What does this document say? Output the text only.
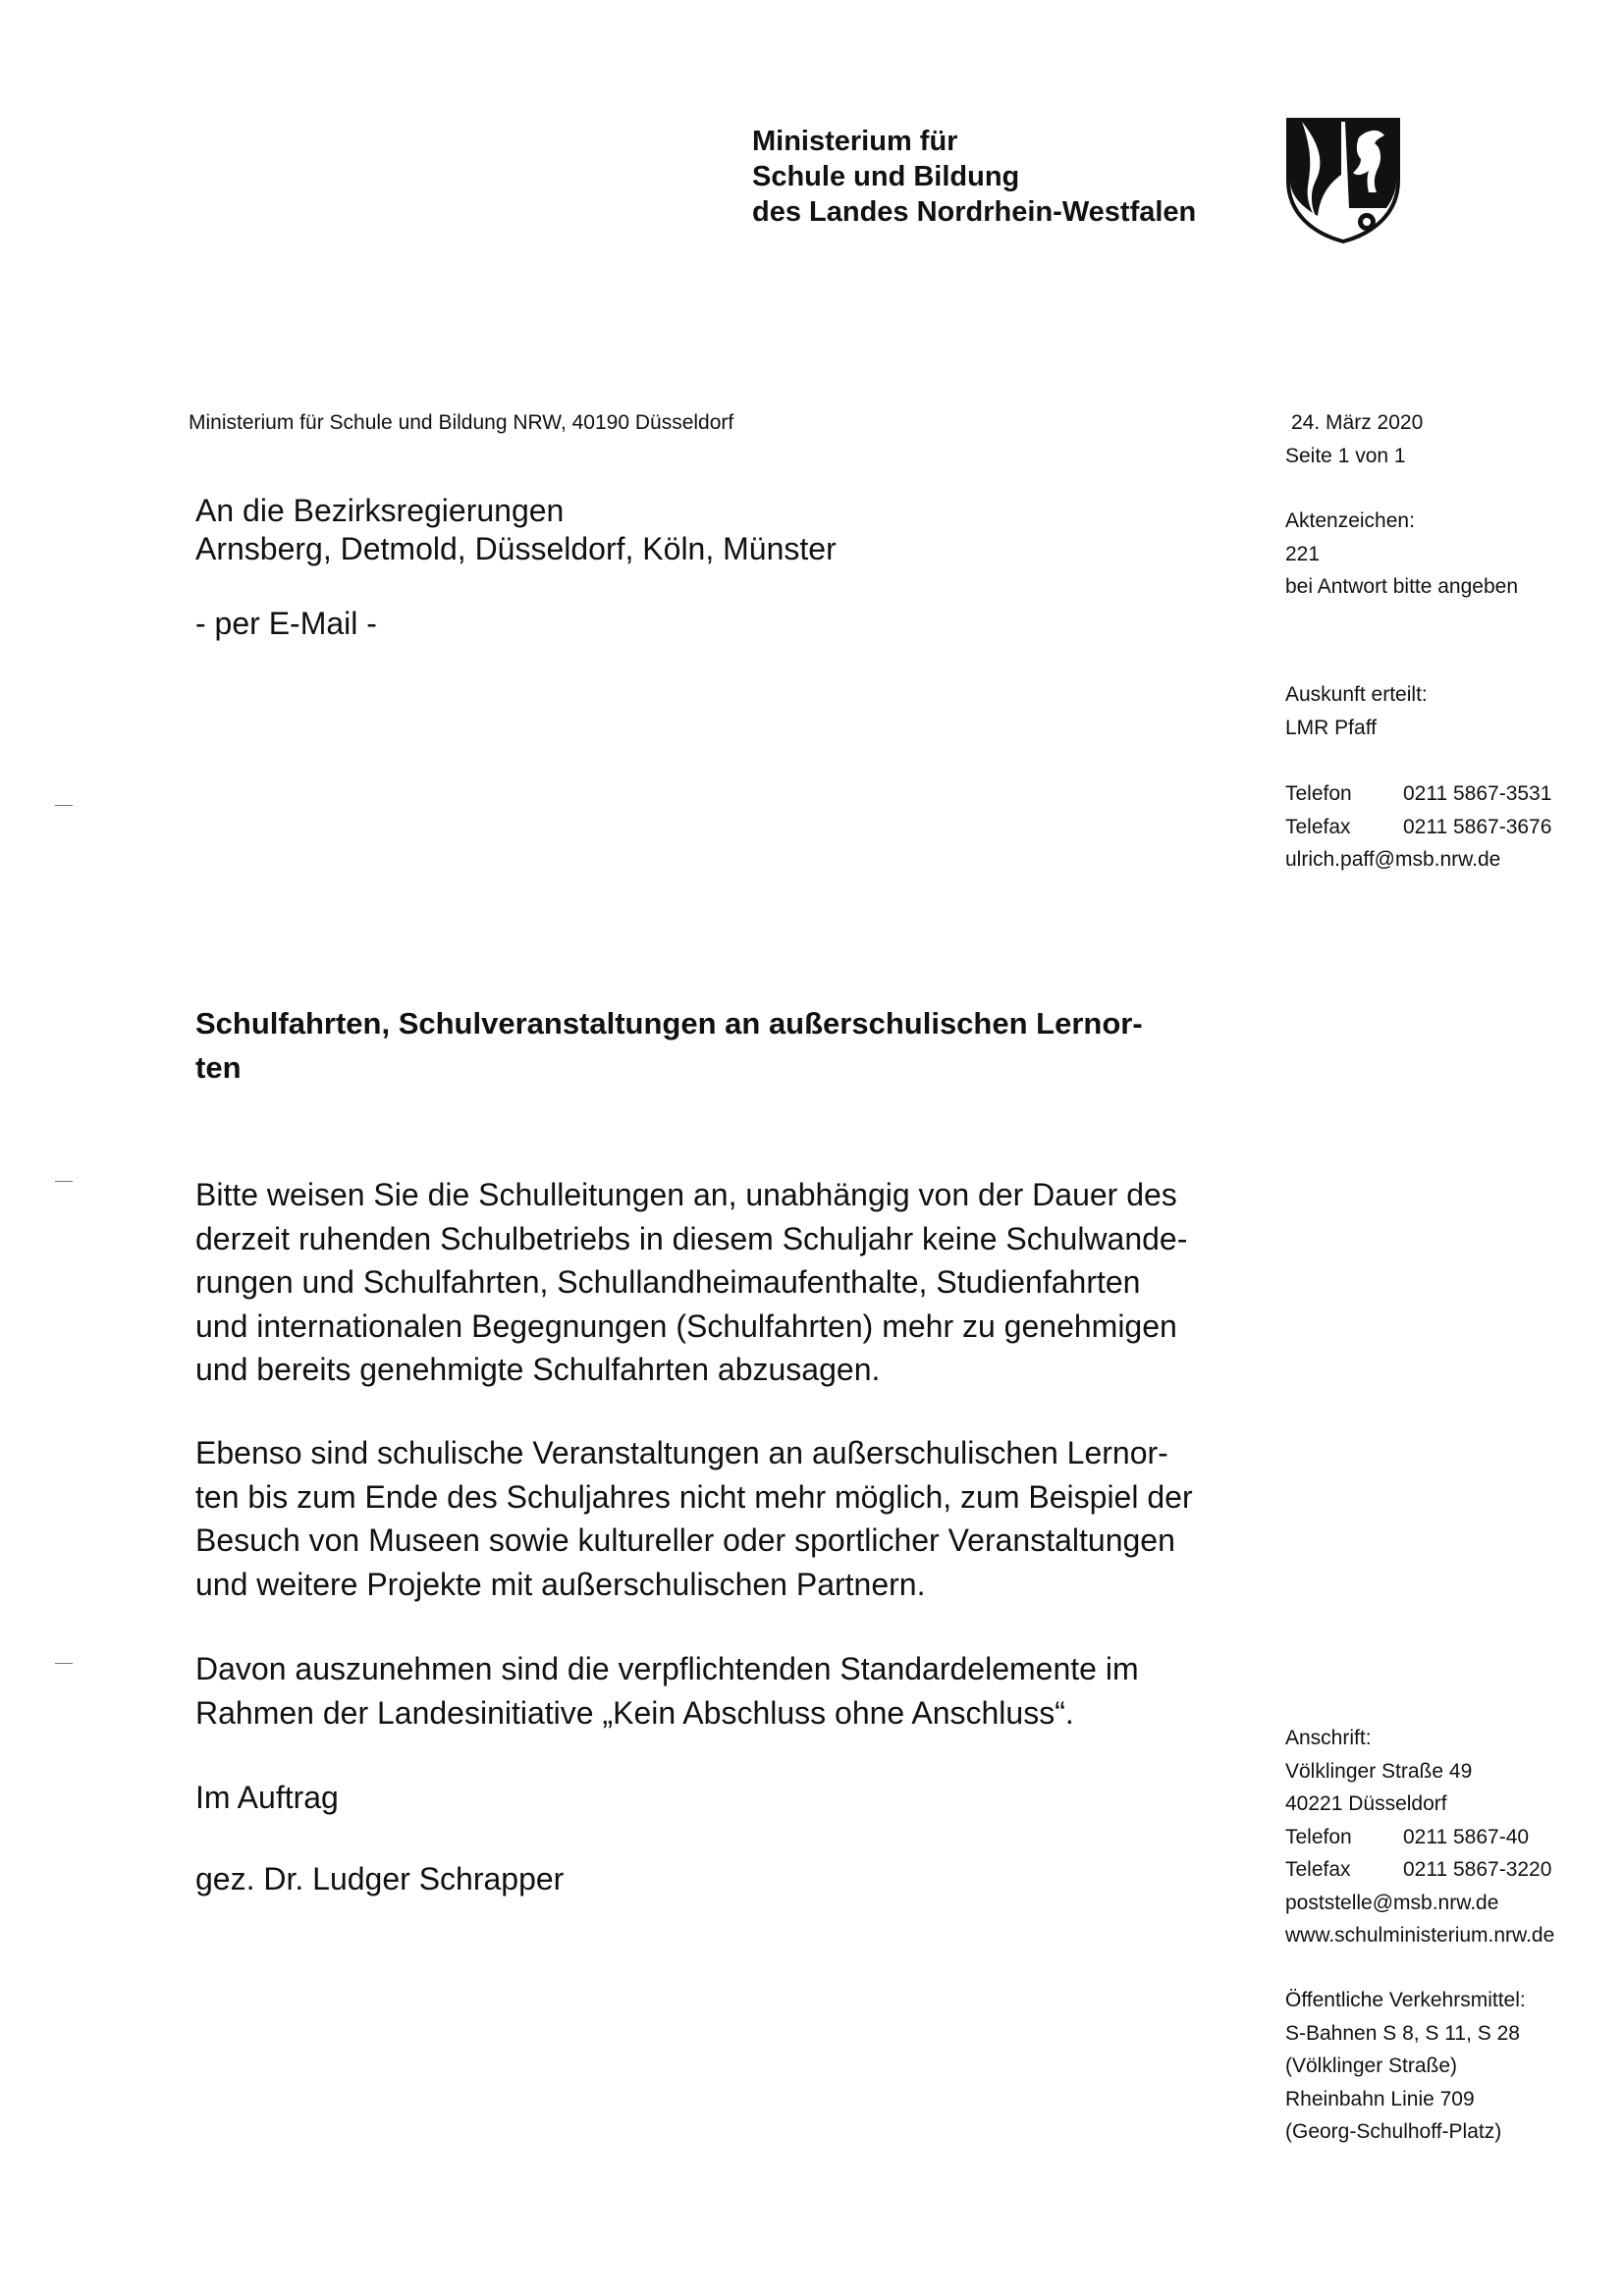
Ministerium für
Schule und Bildung
des Landes Nordrhein-Westfalen
Ministerium für Schule und Bildung NRW, 40190 Düsseldorf
An die Bezirksregierungen
Arnsberg, Detmold, Düsseldorf, Köln, Münster
- per E-Mail -
24. März 2020
Seite 1 von 1
Aktenzeichen:
221
bei Antwort bitte angeben
Auskunft erteilt:
LMR Pfaff
Telefon	0211 5867-3531
Telefax	0211 5867-3676
ulrich.paff@msb.nrw.de
Schulfahrten, Schulveranstaltungen an außerschulischen Lernor-
ten
Bitte weisen Sie die Schulleitungen an, unabhängig von der Dauer des
derzeit ruhenden Schulbetriebs in diesem Schuljahr keine Schulwande-
rungen und Schulfahrten, Schullandheimaufenthalte, Studienfahrten
und internationalen Begegnungen (Schulfahrten) mehr zu genehmigen
und bereits genehmigte Schulfahrten abzusagen.
Ebenso sind schulische Veranstaltungen an außerschulischen Lernor-
ten bis zum Ende des Schuljahres nicht mehr möglich, zum Beispiel der
Besuch von Museen sowie kultureller oder sportlicher Veranstaltungen
und weitere Projekte mit außerschulischen Partnern.
Davon auszunehmen sind die verpflichtenden Standardelemente im
Rahmen der Landesinitiative „Kein Abschluss ohne Anschluss“.
Im Auftrag
gez. Dr. Ludger Schrapper
Anschrift:
Völklinger Straße 49
40221 Düsseldorf
Telefon	0211 5867-40
Telefax	0211 5867-3220
poststelle@msb.nrw.de
www.schulministerium.nrw.de
Öffentliche Verkehrsmittel:
S-Bahnen S 8, S 11, S 28
(Völklinger Straße)
Rheinbahn Linie 709
(Georg-Schulhoff-Platz)
